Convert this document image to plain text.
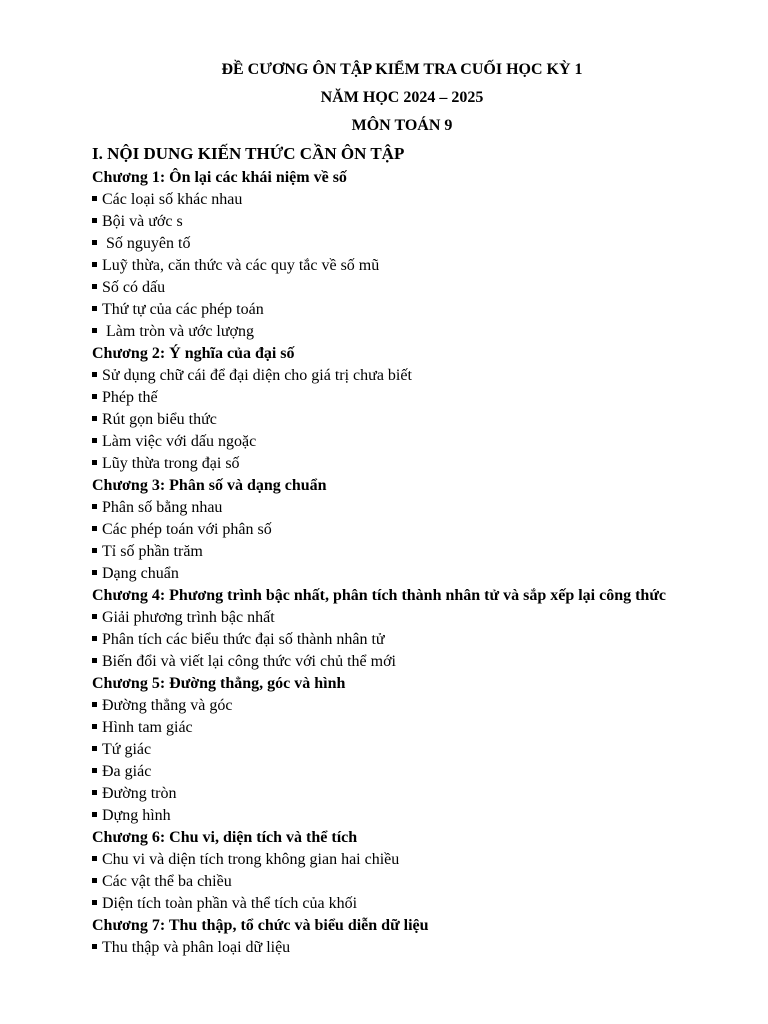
ĐỀ CƯƠNG ÔN TẬP KIỂM TRA CUỐI HỌC KỲ 1
NĂM HỌC 2024 – 2025
MÔN TOÁN 9
I. NỘI DUNG KIẾN THỨC CẦN ÔN TẬP
Chương 1: Ôn lại các khái niệm về số
Các loại số khác nhau
Bội và ước s
Số nguyên tố
Luỹ thừa, căn thức và các quy tắc về số mũ
Số có dấu
Thứ tự của các phép toán
Làm tròn và ước lượng
Chương 2: Ý nghĩa của đại số
Sử dụng chữ cái để đại diện cho giá trị chưa biết
Phép thế
Rút gọn biểu thức
Làm việc với dấu ngoặc
Lũy thừa trong đại số
Chương 3: Phân số và dạng chuẩn
Phân số bằng nhau
Các phép toán với phân số
Tỉ số phần trăm
Dạng chuẩn
Chương 4: Phương trình bậc nhất, phân tích thành nhân tử và sắp xếp lại công thức
Giải phương trình bậc nhất
Phân tích các biểu thức đại số thành nhân tử
Biến đổi và viết lại công thức với chủ thể mới
Chương 5: Đường thẳng, góc và hình
Đường thẳng và góc
Hình tam giác
Tứ giác
Đa giác
Đường tròn
Dựng hình
Chương 6: Chu vi, diện tích và thể tích
Chu vi và diện tích trong không gian hai chiều
Các vật thể ba chiều
Diện tích toàn phần và thể tích của khối
Chương 7: Thu thập, tổ chức và biểu diễn dữ liệu
Thu thập và phân loại dữ liệu
